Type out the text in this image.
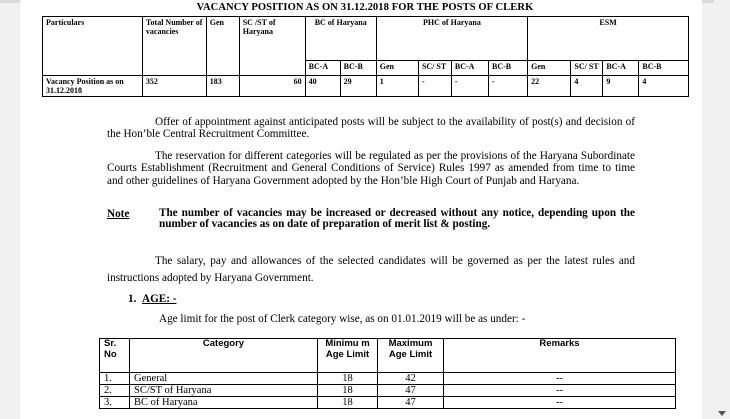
VACANCY POSITION AS ON 31.12.2018 FOR THE POSTS OF CLERK
Particulars	Total Number of vacancies	Gen	SC /ST of Haryana	BC of Haryana		PHC of Haryana				ESM			
				BC-A	BC-B	Gen	SC/ ST	BC-A	BC-B	Gen	SC/ ST	BC-A	BC-B
Vacancy Position as on 31.12.2018	352	183	60	40	29	1	-	-	-	22	4	9	4
Offer of appointment against anticipated posts will be subject to the availability of post(s) and decision of the Hon’ble Central Recruitment Committee.
The reservation for different categories will be regulated as per the provisions of the Haryana Subordinate Courts Establishment (Recruitment and General Conditions of Service) Rules 1997 as amended from time to time and other guidelines of Haryana Government adopted by the Hon’ble High Court of Punjab and Haryana.
Note	The number of vacancies may be increased or decreased without any notice, depending upon the number of vacancies as on date of preparation of merit list & posting.
The salary, pay and allowances of the selected candidates will be governed as per the latest rules and instructions adopted by Haryana Government.
1. AGE: -
Age limit for the post of Clerk category wise, as on 01.01.2019 will be as under: -
Sr. No	Category	Minimu m Age Limit	Maximum Age Limit	Remarks
1.	General	18	42	--
2.	SC/ST of Haryana	18	47	--
3.	BC of Haryana	18	47	--
